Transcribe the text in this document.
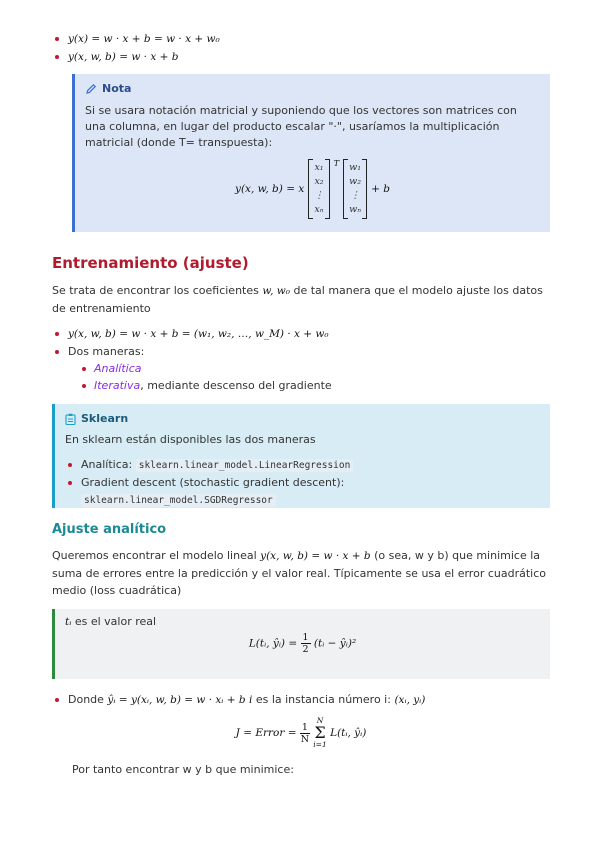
y(x) = w · x + b = w · x + w₀
y(x, w, b) = w · x + b
Nota

Si se usara notación matricial y suponiendo que los vectores son matrices con una columna, en lugar del producto escalar "·", usaríamos la multiplicación matricial (donde T= transpuesta):

y(x, w, b) = x
x₁
x₂
⋮
xₙ
$^T$ w₁
w₂
⋮
wₙ
+ b
Entrenamiento (ajuste)

Se trata de encontrar los coeficientes w, w₀ de tal manera que el modelo ajuste los datos de entrenamiento

y(x, w, b) = w · x + b = (w₁, w₂, …, w_M) · x + w₀
Dos maneras:
Analítica
Iterativa, mediante descenso del gradiente
Sklearn

En sklearn están disponibles las dos maneras

Analítica: sklearn.linear_model.LinearRegression
Gradient descent (stochastic gradient descent): sklearn.linear_model.SGDRegressor
Ajuste analítico

Queremos encontrar el modelo lineal y(x, w, b) = w · x + b (o sea, w y b) que minimice la suma de errores entre la predicción y el valor real. Típicamente se usa el error cuadrático medio (loss cuadrática)

tᵢ es el valor real
L(tᵢ, ŷᵢ) = $\frac{1}{2}$ (tᵢ − ŷᵢ)²
Donde ŷᵢ = y(xᵢ, w, b) = w · xᵢ + b i es la instancia número i: (xᵢ, yᵢ)
J = Error = $\frac{1}{N}$

N
Σ
i=1
L(tᵢ, ŷᵢ)
Por tanto encontrar w y b que minimice:
